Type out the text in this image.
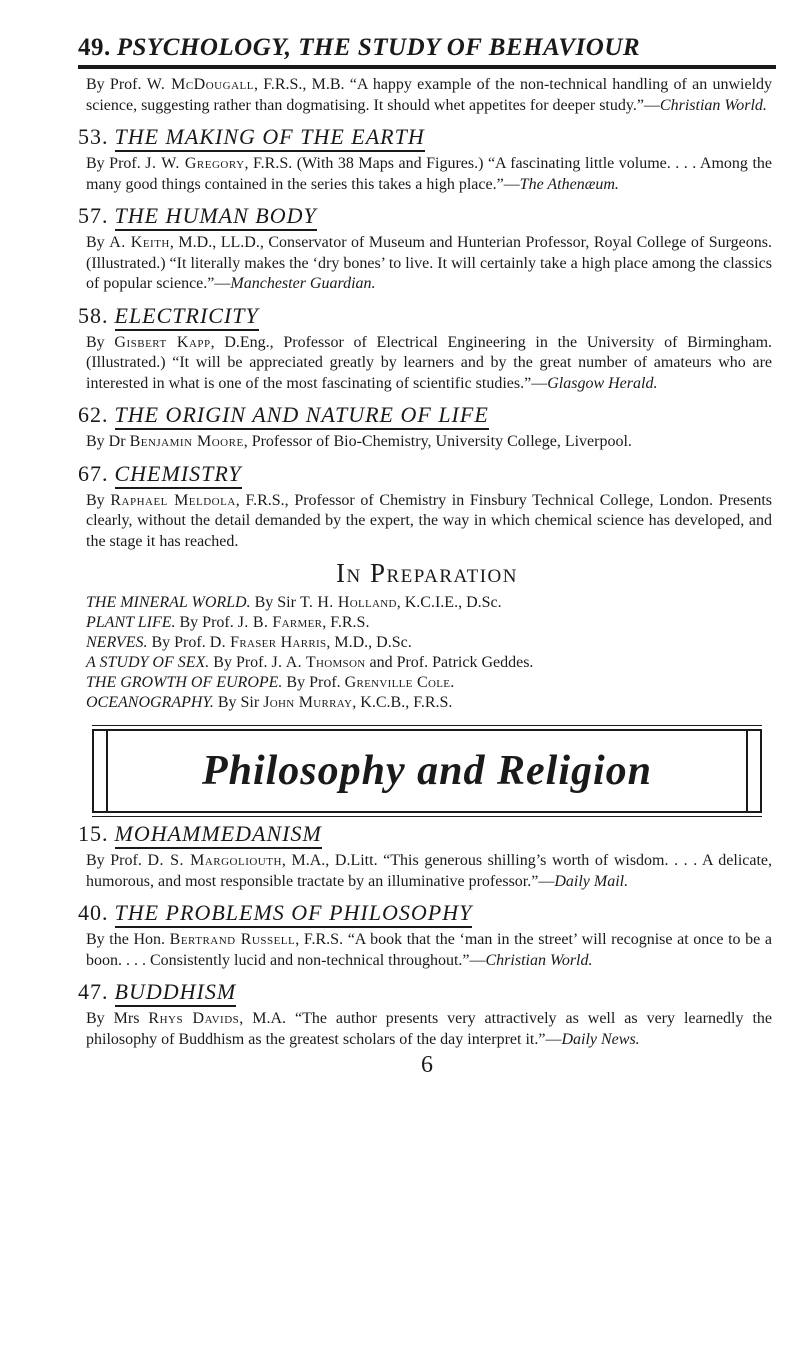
49. PSYCHOLOGY, THE STUDY OF BEHAVIOUR

By Prof. W. McDougall, F.R.S., M.B. “A happy example of the non-technical handling of an unwieldy science, suggesting rather than dogmatising. It should whet appetites for deeper study.”—Christian World.

53. THE MAKING OF THE EARTH

By Prof. J. W. Gregory, F.R.S. (With 38 Maps and Figures.) “A fascinating little volume. . . . Among the many good things contained in the series this takes a high place.”—The Athenæum.

57. THE HUMAN BODY

By A. Keith, M.D., LL.D., Conservator of Museum and Hunterian Professor, Royal College of Surgeons. (Illustrated.) “It literally makes the ‘dry bones’ to live. It will certainly take a high place among the classics of popular science.”—Manchester Guardian.

58. ELECTRICITY

By Gisbert Kapp, D.Eng., Professor of Electrical Engineering in the University of Birmingham. (Illustrated.) “It will be appreciated greatly by learners and by the great number of amateurs who are interested in what is one of the most fascinating of scientific studies.”—Glasgow Herald.

62. THE ORIGIN AND NATURE OF LIFE

By Dr Benjamin Moore, Professor of Bio-Chemistry, University College, Liverpool.

67. CHEMISTRY

By Raphael Meldola, F.R.S., Professor of Chemistry in Finsbury Technical College, London. Presents clearly, without the detail demanded by the expert, the way in which chemical science has developed, and the stage it has reached.

In Preparation
THE MINERAL WORLD. By Sir T. H. Holland, K.C.I.E., D.Sc.
PLANT LIFE. By Prof. J. B. Farmer, F.R.S.
NERVES. By Prof. D. Fraser Harris, M.D., D.Sc.
A STUDY OF SEX. By Prof. J. A. Thomson and Prof. Patrick Geddes.
THE GROWTH OF EUROPE. By Prof. Grenville Cole.
OCEANOGRAPHY. By Sir John Murray, K.C.B., F.R.S.
Philosophy and Religion
15. MOHAMMEDANISM

By Prof. D. S. Margoliouth, M.A., D.Litt. “This generous shilling’s worth of wisdom. . . . A delicate, humorous, and most responsible tractate by an illuminative professor.”—Daily Mail.

40. THE PROBLEMS OF PHILOSOPHY

By the Hon. Bertrand Russell, F.R.S. “A book that the ‘man in the street’ will recognise at once to be a boon. . . . Consistently lucid and non-technical throughout.”—Christian World.

47. BUDDHISM

By Mrs Rhys Davids, M.A. “The author presents very attractively as well as very learnedly the philosophy of Buddhism as the greatest scholars of the day interpret it.”—Daily News.

6
